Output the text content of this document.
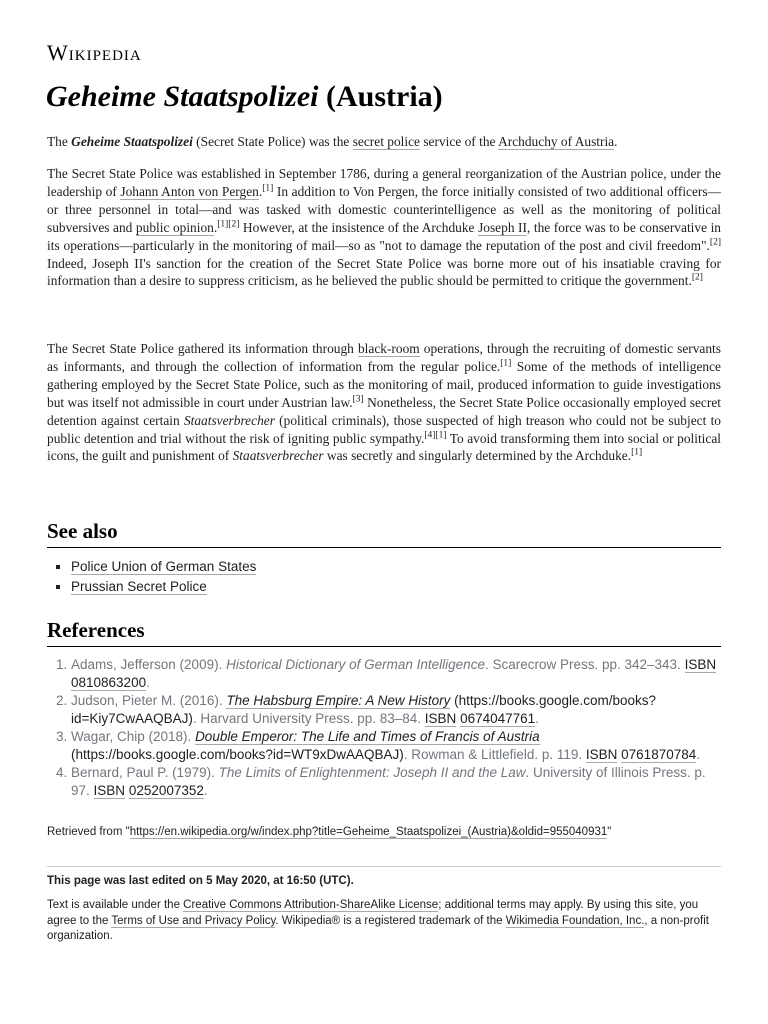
Wikipedia
Geheime Staatspolizei (Austria)

The Geheime Staatspolizei (Secret State Police) was the secret police service of the Archduchy of Austria.

The Secret State Police was established in September 1786, during a general reorganization of the Austrian police, under the leadership of Johann Anton von Pergen.[1] In addition to Von Pergen, the force initially consisted of two additional officers—or three personnel in total—and was tasked with domestic counterintelligence as well as the monitoring of political subversives and public opinion.[1][2] However, at the insistence of the Archduke Joseph II, the force was to be conservative in its operations—particularly in the monitoring of mail—so as "not to damage the reputation of the post and civil freedom".[2] Indeed, Joseph II's sanction for the creation of the Secret State Police was borne more out of his insatiable craving for information than a desire to suppress criticism, as he believed the public should be permitted to critique the government.[2]

The Secret State Police gathered its information through black-room operations, through the recruiting of domestic servants as informants, and through the collection of information from the regular police.[1] Some of the methods of intelligence gathering employed by the Secret State Police, such as the monitoring of mail, produced information to guide investigations but was itself not admissible in court under Austrian law.[3] Nonetheless, the Secret State Police occasionally employed secret detention against certain Staatsverbrecher (political criminals), those suspected of high treason who could not be subject to public detention and trial without the risk of igniting public sympathy.[4][1] To avoid transforming them into social or political icons, the guilt and punishment of Staatsverbrecher was secretly and singularly determined by the Archduke.[1]

See also
▪ Police Union of German States
▪ Prussian Secret Police
References
1. Adams, Jefferson (2009). Historical Dictionary of German Intelligence. Scarecrow Press. pp. 342–343. ISBN 0810863200.
2. Judson, Pieter M. (2016). The Habsburg Empire: A New History (https://books.google.com/books?id=Kiy7CwAAQBAJ). Harvard University Press. pp. 83–84. ISBN 0674047761.
3. Wagar, Chip (2018). Double Emperor: The Life and Times of Francis of Austria (https://books.google.com/books?id=WT9xDwAAQBAJ). Rowman & Littlefield. p. 119. ISBN 0761870784.
4. Bernard, Paul P. (1979). The Limits of Enlightenment: Joseph II and the Law. University of Illinois Press. p. 97. ISBN 0252007352.
Retrieved from "https://en.wikipedia.org/w/index.php?title=Geheime_Staatspolizei_(Austria)&oldid=955040931"
This page was last edited on 5 May 2020, at 16:50 (UTC).
Text is available under the Creative Commons Attribution-ShareAlike License; additional terms may apply. By using this site, you agree to the Terms of Use and Privacy Policy. Wikipedia® is a registered trademark of the Wikimedia Foundation, Inc., a non-profit organization.
